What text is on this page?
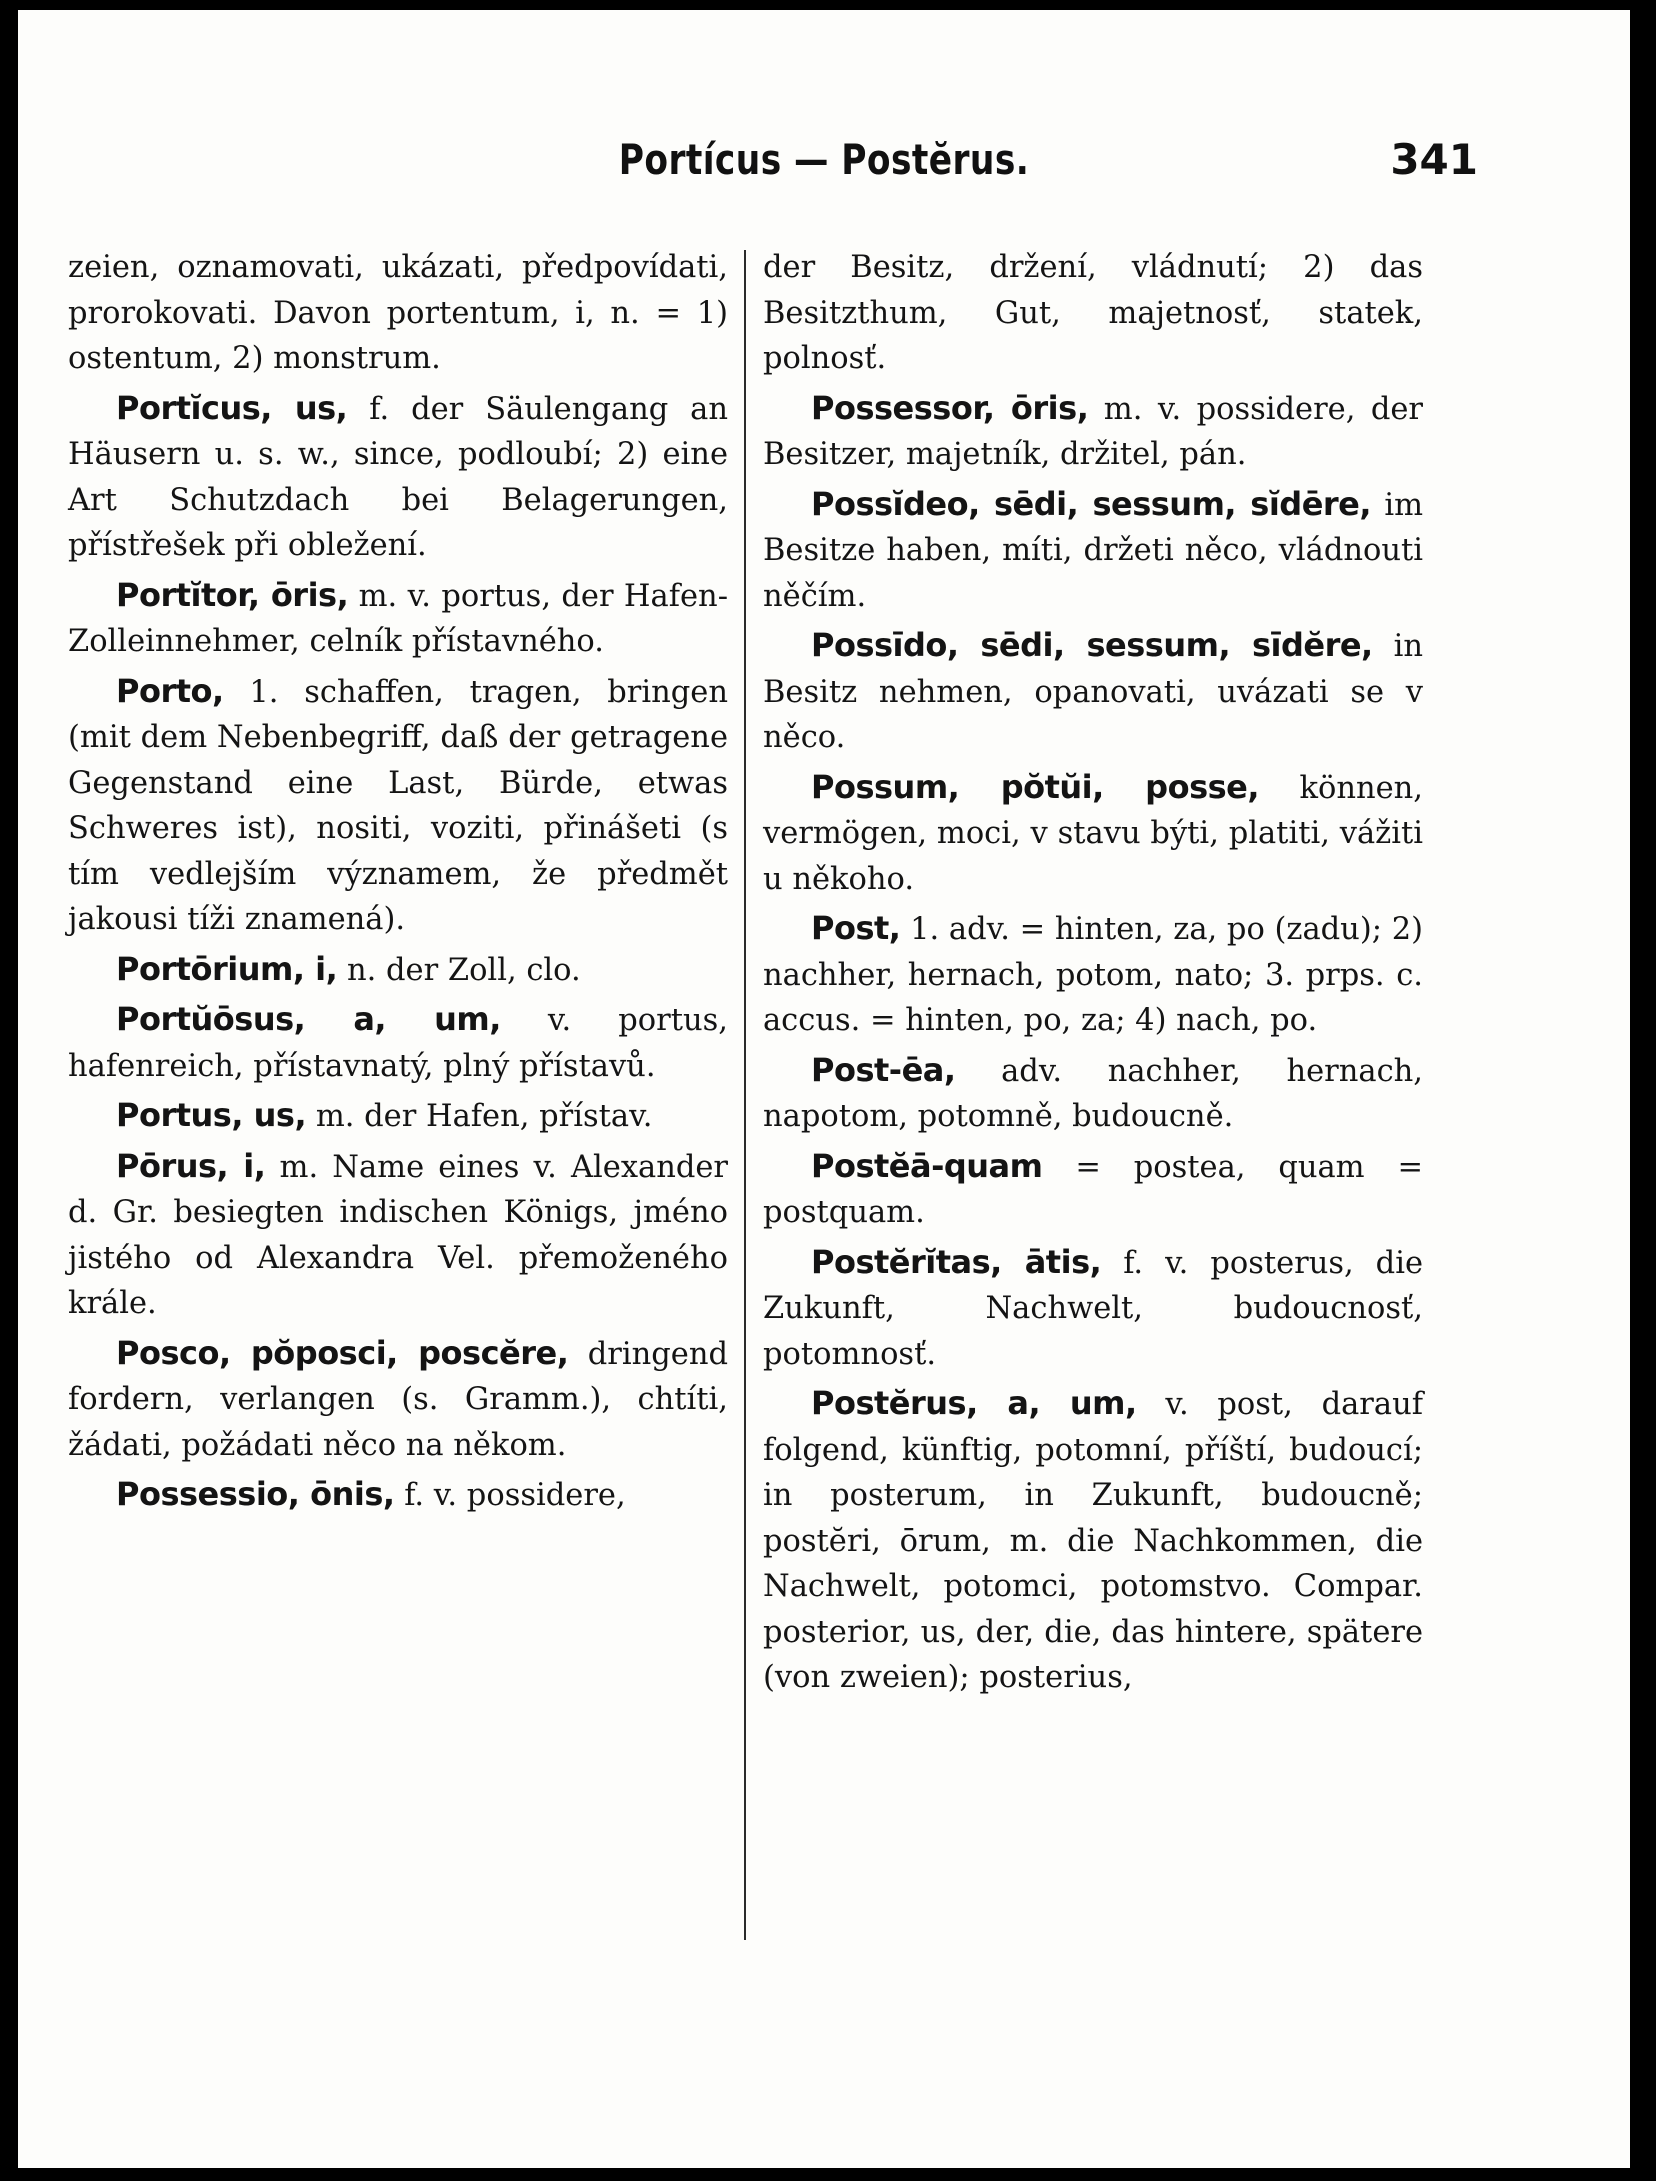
Portícus — Postĕrus.	341

zeien, oznamovati, ukázati, předpovídati, prorokovati. Davon portentum, i, n. = 1) ostentum, 2) monstrum.

Portĭcus, us, f. der Säulengang an Häusern u. s. w., since, podloubí; 2) eine Art Schutzdach bei Belagerungen, přístřešek při obležení.

Portĭtor, ōris, m. v. portus, der Hafen-Zolleinnehmer, celník přístavného.

Porto, 1. schaffen, tragen, bringen (mit dem Nebenbegriff, daß der getragene Gegenstand eine Last, Bürde, etwas Schweres ist), nositi, voziti, přinášeti (s tím vedlejším významem, že předmět jakousi tíži znamená).

Portōrium, i, n. der Zoll, clo.

Portŭōsus, a, um, v. portus, hafenreich, přístavnatý, plný přístavů.

Portus, us, m. der Hafen, přístav.

Pōrus, i, m. Name eines v. Alexander d. Gr. besiegten indischen Königs, jméno jistého od Alexandra Vel. přemoženého krále.

Posco, pŏposci, poscĕre, dringend fordern, verlangen (s. Gramm.), chtíti, žádati, požádati něco na někom.

Possessio, ōnis, f. v. possidere,

der Besitz, držení, vládnutí; 2) das Besitzthum, Gut, majetnosť, statek, polnosť.

Possessor, ōris, m. v. possidere, der Besitzer, majetník, držitel, pán.

Possĭdeo, sēdi, sessum, sĭdēre, im Besitze haben, míti, držeti něco, vládnouti něčím.

Possīdo, sēdi, sessum, sīdĕre, in Besitz nehmen, opanovati, uvázati se v něco.

Possum, pŏtŭi, posse, können, vermögen, moci, v stavu býti, platiti, vážiti u někoho.

Post, 1. adv. = hinten, za, po (zadu); 2) nachher, hernach, potom, nato; 3. prps. c. accus. = hinten, po, za; 4) nach, po.

Post-ēa, adv. nachher, hernach, napotom, potomně, budoucně.

Postĕā-quam = postea, quam = postquam.

Postĕrĭtas, ātis, f. v. posterus, die Zukunft, Nachwelt, budoucnosť, potomnosť.

Postĕrus, a, um, v. post, darauf folgend, künftig, potomní, příští, budoucí; in posterum, in Zukunft, budoucně; postĕri, ōrum, m. die Nachkommen, die Nachwelt, potomci, potomstvo. Compar. posterior, us, der, die, das hintere, spätere (von zweien); posterius,
